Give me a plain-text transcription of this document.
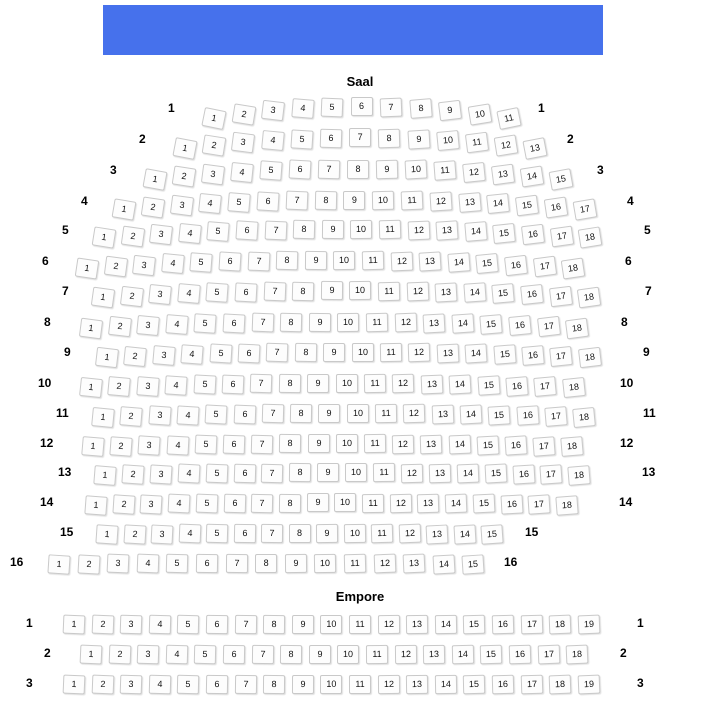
Saal
Empore
1	1
1	2	3	4	5	6	7	8	9	10	11
2	2
1	2	3	4	5	6	7	8	9	10	11	12	13
3	3
1	2	3	4	5	6	7	8	9	10	11	12	13	14	15
4	4
1	2	3	4	5	6	7	8	9	10	11	12	13	14	15	16	17
5	5
1	2	3	4	5	6	7	8	9	10	11	12	13	14	15	16	17	18
6	6
1	2	3	4	5	6	7	8	9	10	11	12	13	14	15	16	17	18
7	7
1	2	3	4	5	6	7	8	9	10	11	12	13	14	15	16	17	18
8	8
1	2	3	4	5	6	7	8	9	10	11	12	13	14	15	16	17	18
9	9
1	2	3	4	5	6	7	8	9	10	11	12	13	14	15	16	17	18
10	10
1	2	3	4	5	6	7	8	9	10	11	12	13	14	15	16	17	18
11	11
1	2	3	4	5	6	7	8	9	10	11	12	13	14	15	16	17	18
12	12
1	2	3	4	5	6	7	8	9	10	11	12	13	14	15	16	17	18
13	13
1	2	3	4	5	6	7	8	9	10	11	12	13	14	15	16	17	18
14	14
1	2	3	4	5	6	7	8	9	10	11	12	13	14	15	16	17	18
15	15
1	2	3	4	5	6	7	8	9	10	11	12	13	14	15
16	16
1	2	3	4	5	6	7	8	9	10	11	12	13	14	15
1	1
1	2	3	4	5	6	7	8	9	10	11	12	13	14	15	16	17	18	19
2	2
1	2	3	4	5	6	7	8	9	10	11	12	13	14	15	16	17	18
3	3
1	2	3	4	5	6	7	8	9	10	11	12	13	14	15	16	17	18	19
